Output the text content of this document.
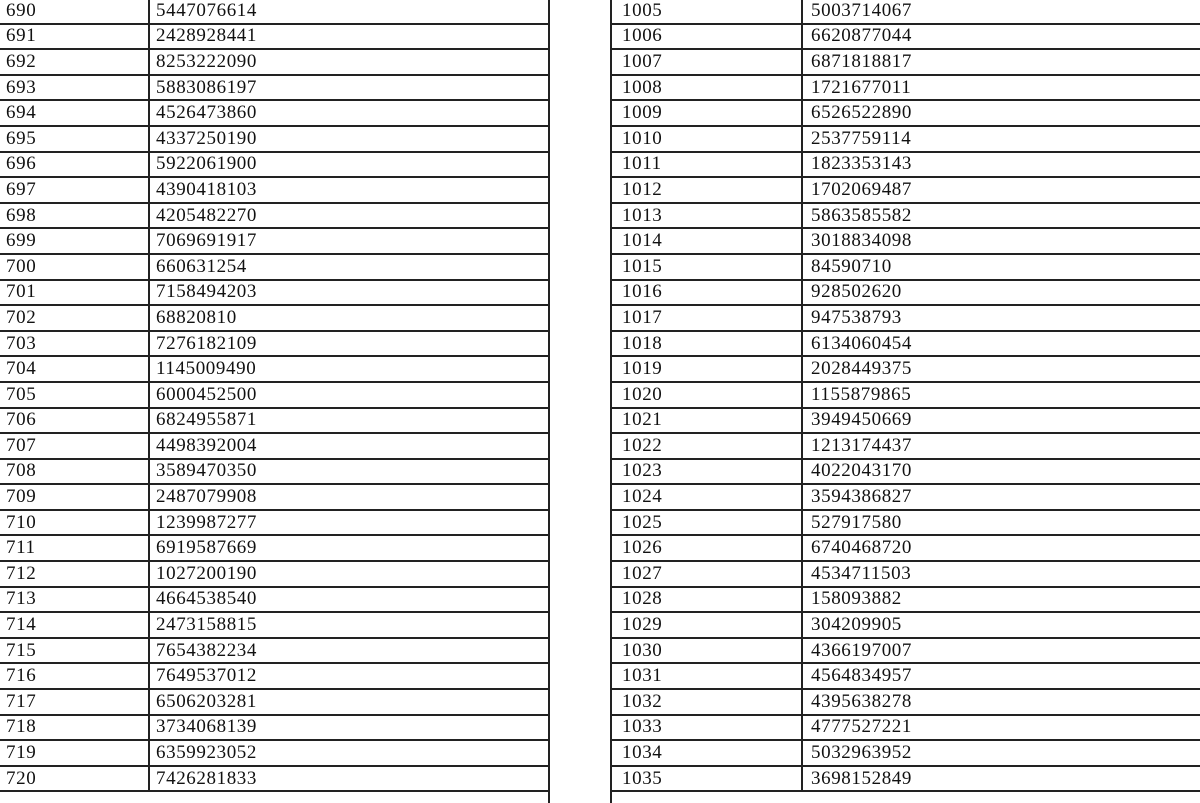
690	5447076614
691	2428928441
692	8253222090
693	5883086197
694	4526473860
695	4337250190
696	5922061900
697	4390418103
698	4205482270
699	7069691917
700	660631254
701	7158494203
702	68820810
703	7276182109
704	1145009490
705	6000452500
706	6824955871
707	4498392004
708	3589470350
709	2487079908
710	1239987277
711	6919587669
712	1027200190
713	4664538540
714	2473158815
715	7654382234
716	7649537012
717	6506203281
718	3734068139
719	6359923052
720	7426281833
1005	5003714067
1006	6620877044
1007	6871818817
1008	1721677011
1009	6526522890
1010	2537759114
1011	1823353143
1012	1702069487
1013	5863585582
1014	3018834098
1015	84590710
1016	928502620
1017	947538793
1018	6134060454
1019	2028449375
1020	1155879865
1021	3949450669
1022	1213174437
1023	4022043170
1024	3594386827
1025	527917580
1026	6740468720
1027	4534711503
1028	158093882
1029	304209905
1030	4366197007
1031	4564834957
1032	4395638278
1033	4777527221
1034	5032963952
1035	3698152849
